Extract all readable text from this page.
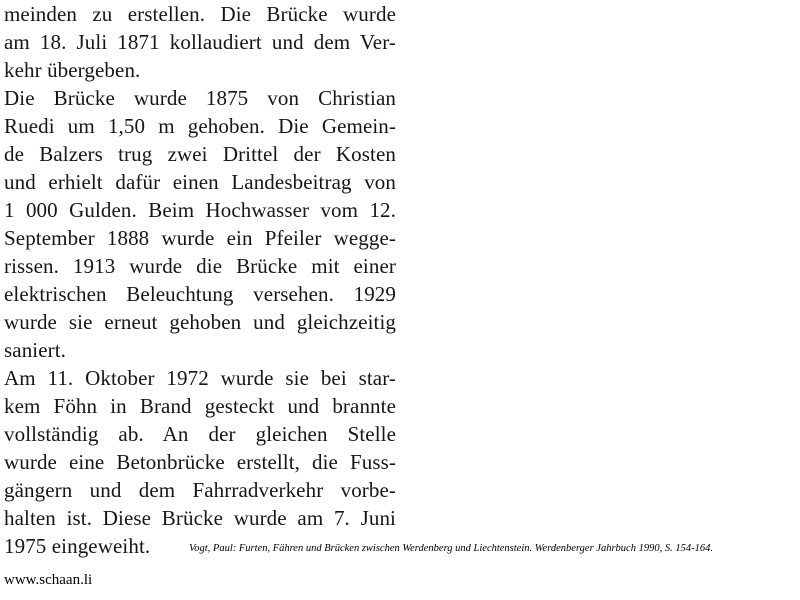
meinden zu erstellen. Die Brücke wurde
am 18. Juli 1871 kollaudiert und dem Ver-
kehr übergeben.
Die Brücke wurde 1875 von Christian
Ruedi um 1,50 m gehoben. Die Gemein-
de Balzers trug zwei Drittel der Kosten
und erhielt dafür einen Landesbeitrag von
1 000 Gulden. Beim Hochwasser vom 12.
September 1888 wurde ein Pfeiler wegge-
rissen. 1913 wurde die Brücke mit einer
elektrischen Beleuchtung versehen. 1929
wurde sie erneut gehoben und gleichzeitig
saniert.
Am 11. Oktober 1972 wurde sie bei star-
kem Föhn in Brand gesteckt und brannte
vollständig ab. An der gleichen Stelle
wurde eine Betonbrücke erstellt, die Fuss-
gängern und dem Fahrradverkehr vorbe-
halten ist. Diese Brücke wurde am 7. Juni
1975 eingeweiht.	Vogt, Paul: Furten, Fähren und Brücken zwischen Werdenberg und Liechtenstein. Werdenberger Jahrbuch 1990, S. 154-164.
www.schaan.li
